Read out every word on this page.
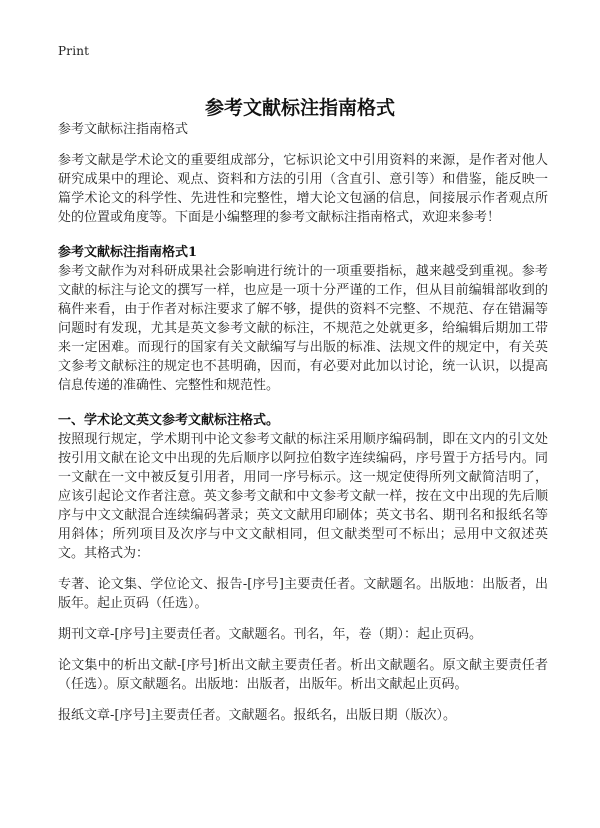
Print
参考文献标注指南格式

参考文献标注指南格式

参考文献是学术论文的重要组成部分，它标识论文中引用资料的来源，是作者对他人研究成果中的理论、观点、资料和方法的引用（含直引、意引等）和借鉴，能反映一篇学术论文的科学性、先进性和完整性，增大论文包涵的信息，间接展示作者观点所处的位置或角度等。下面是小编整理的参考文献标注指南格式，欢迎来参考！

参考文献标注指南格式1

参考文献作为对科研成果社会影响进行统计的一项重要指标，越来越受到重视。参考文献的标注与论文的撰写一样，也应是一项十分严谨的工作，但从目前编辑部收到的稿件来看，由于作者对标注要求了解不够，提供的资料不完整、不规范、存在错漏等问题时有发现，尤其是英文参考文献的标注，不规范之处就更多，给编辑后期加工带来一定困难。而现行的国家有关文献编写与出版的标准、法规文件的规定中，有关英文参考文献标注的规定也不甚明确，因而，有必要对此加以讨论，统一认识，以提高信息传递的准确性、完整性和规范性。

一、学术论文英文参考文献标注格式。

按照现行规定，学术期刊中论文参考文献的标注采用顺序编码制，即在文内的引文处按引用文献在论文中出现的先后顺序以阿拉伯数字连续编码，序号置于方括号内。同一文献在一文中被反复引用者，用同一序号标示。这一规定使得所列文献简洁明了，应该引起论文作者注意。英文参考文献和中文参考文献一样，按在文中出现的先后顺序与中文文献混合连续编码著录；英文文献用印刷体；英文书名、期刊名和报纸名等用斜体；所列项目及次序与中文文献相同，但文献类型可不标出；忌用中文叙述英文。其格式为：

专著、论文集、学位论文、报告-[序号]主要责任者。文献题名。出版地：出版者，出版年。起止页码（任选）。

期刊文章-[序号]主要责任者。文献题名。刊名，年，卷（期）：起止页码。

论文集中的析出文献-[序号]析出文献主要责任者。析出文献题名。原文献主要责任者（任选）。原文献题名。出版地：出版者，出版年。析出文献起止页码。

报纸文章-[序号]主要责任者。文献题名。报纸名，出版日期（版次）。
